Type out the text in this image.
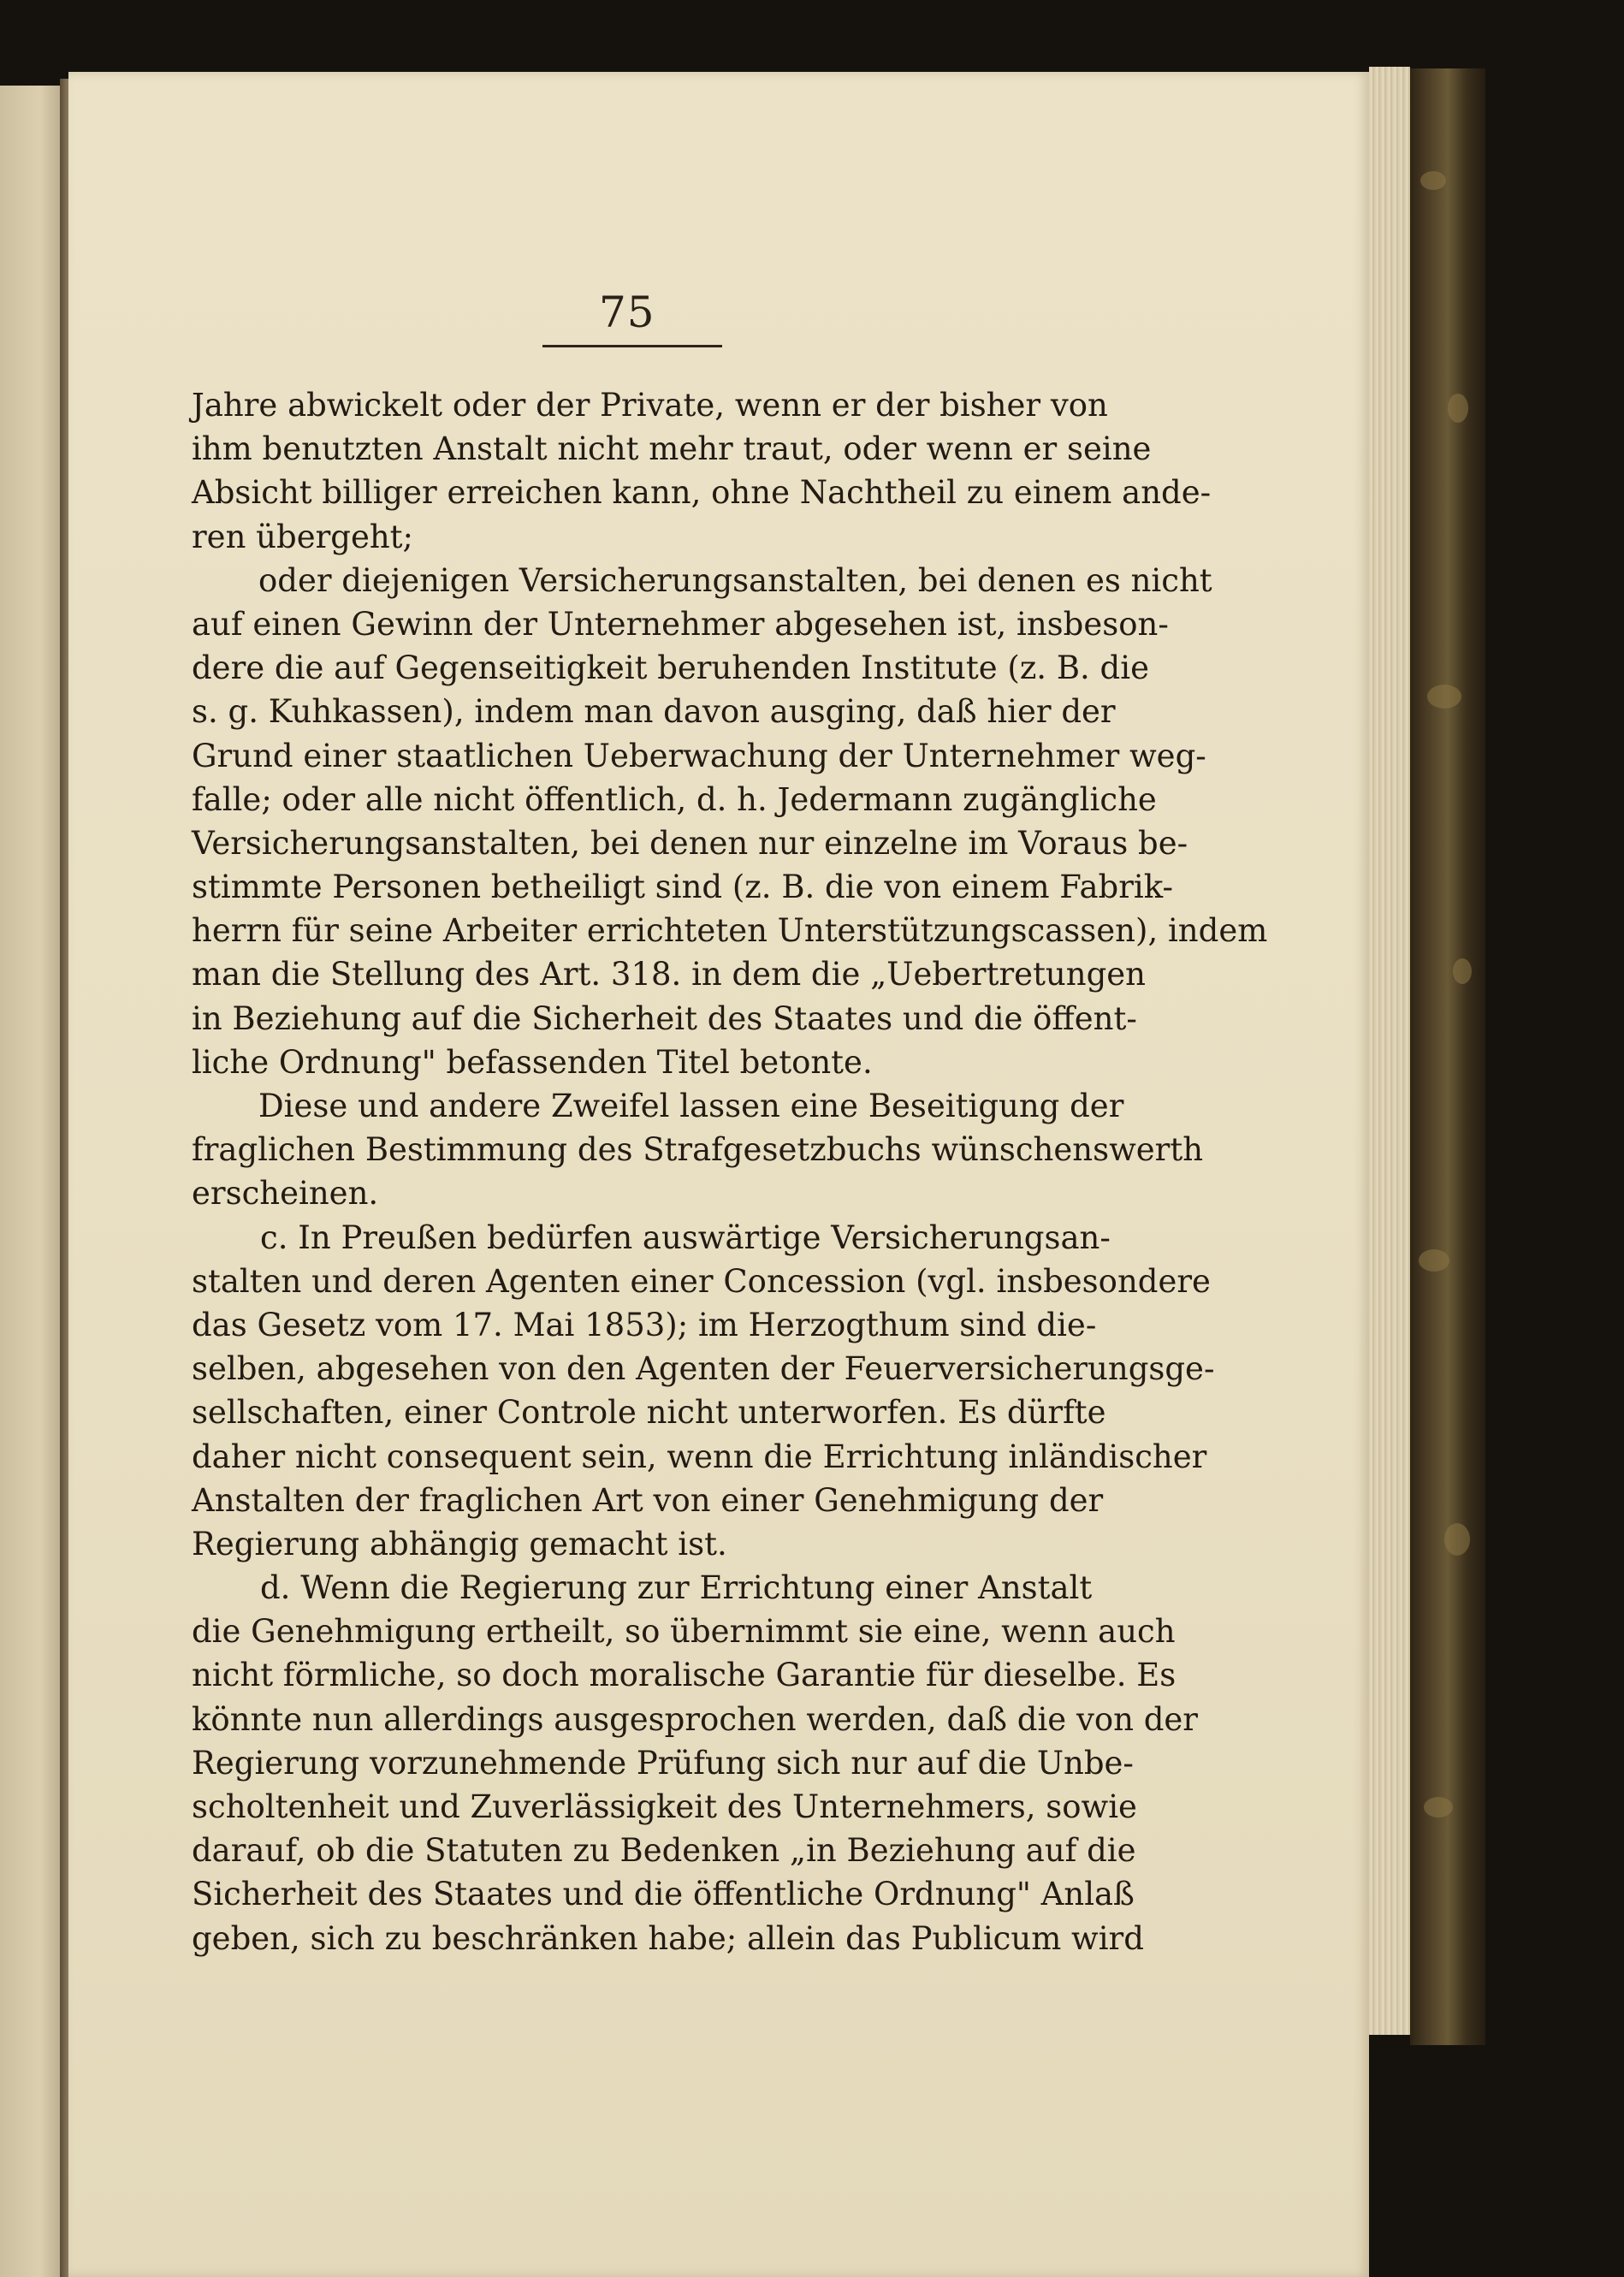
75
Jahre abwickelt oder der Private, wenn er der bisher von
ihm benutzten Anstalt nicht mehr traut, oder wenn er seine
Absicht billiger erreichen kann, ohne Nachtheil zu einem ande-
ren übergeht;
oder diejenigen Versicherungsanstalten, bei denen es nicht
auf einen Gewinn der Unternehmer abgesehen ist, insbeson-
dere die auf Gegenseitigkeit beruhenden Institute (z. B. die
s. g. Kuhkassen), indem man davon ausging, daß hier der
Grund einer staatlichen Ueberwachung der Unternehmer weg-
falle; oder alle nicht öffentlich, d. h. Jedermann zugängliche
Versicherungsanstalten, bei denen nur einzelne im Voraus be-
stimmte Personen betheiligt sind (z. B. die von einem Fabrik-
herrn für seine Arbeiter errichteten Unterstützungscassen), indem
man die Stellung des Art. 318. in dem die „Uebertretungen
in Beziehung auf die Sicherheit des Staates und die öffent-
liche Ordnung" befassenden Titel betonte.
Diese und andere Zweifel lassen eine Beseitigung der
fraglichen Bestimmung des Strafgesetzbuchs wünschenswerth
erscheinen.
c. In Preußen bedürfen auswärtige Versicherungsan-
stalten und deren Agenten einer Concession (vgl. insbesondere
das Gesetz vom 17. Mai 1853); im Herzogthum sind die-
selben, abgesehen von den Agenten der Feuerversicherungsge-
sellschaften, einer Controle nicht unterworfen. Es dürfte
daher nicht consequent sein, wenn die Errichtung inländischer
Anstalten der fraglichen Art von einer Genehmigung der
Regierung abhängig gemacht ist.
d. Wenn die Regierung zur Errichtung einer Anstalt
die Genehmigung ertheilt, so übernimmt sie eine, wenn auch
nicht förmliche, so doch moralische Garantie für dieselbe. Es
könnte nun allerdings ausgesprochen werden, daß die von der
Regierung vorzunehmende Prüfung sich nur auf die Unbe-
scholtenheit und Zuverlässigkeit des Unternehmers, sowie
darauf, ob die Statuten zu Bedenken „in Beziehung auf die
Sicherheit des Staates und die öffentliche Ordnung" Anlaß
geben, sich zu beschränken habe; allein das Publicum wird
